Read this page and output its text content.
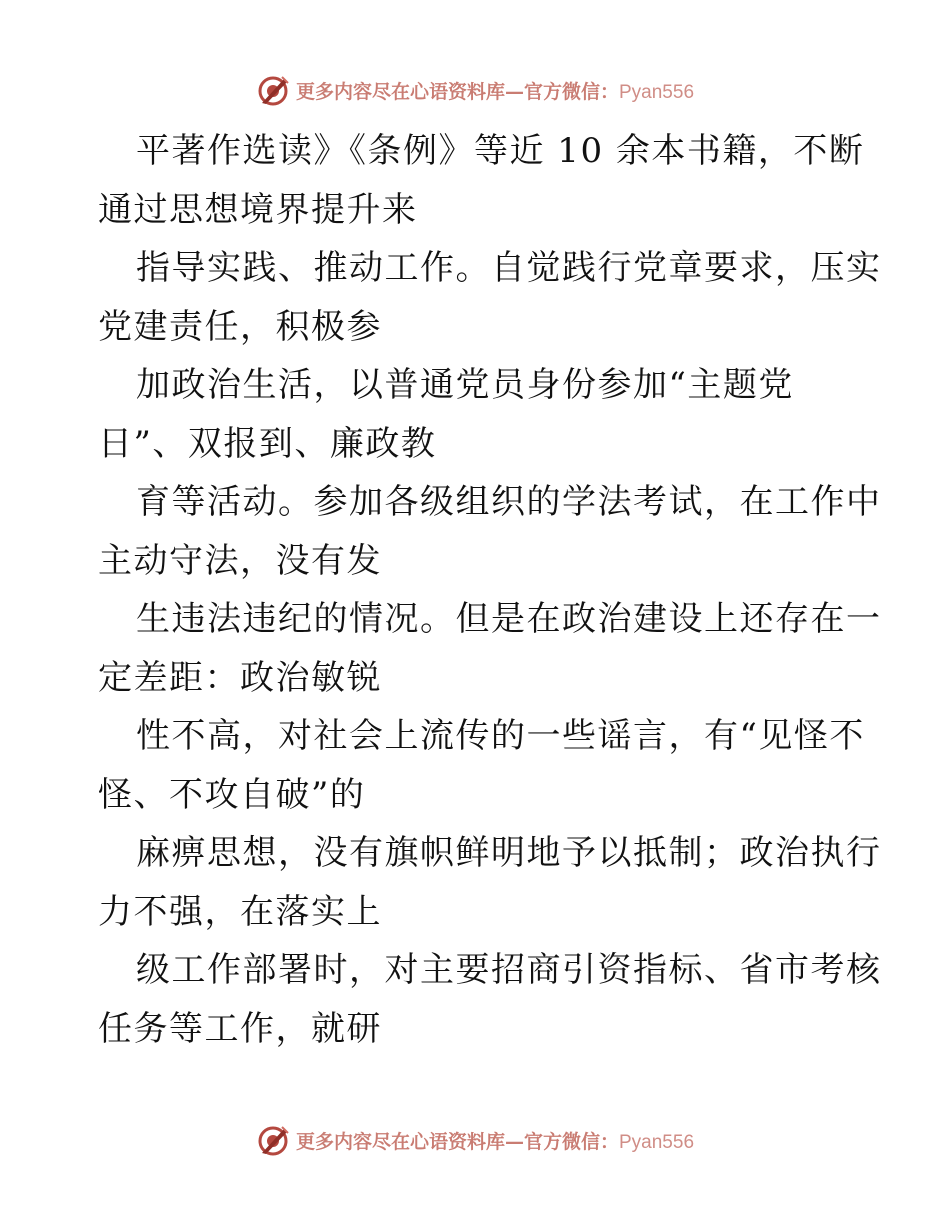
更多内容尽在心语资料库—官方微信：Pyan556
平著作选读》《条例》等近 10 余本书籍，不断
通过思想境界提升来
指导实践、推动工作。自觉践行党章要求，压实
党建责任，积极参
加政治生活，以普通党员身份参加“主题党
日”、双报到、廉政教
育等活动。参加各级组织的学法考试，在工作中
主动守法，没有发
生违法违纪的情况。但是在政治建设上还存在一
定差距：政治敏锐
性不高，对社会上流传的一些谣言，有“见怪不
怪、不攻自破”的
麻痹思想，没有旗帜鲜明地予以抵制；政治执行
力不强，在落实上
级工作部署时，对主要招商引资指标、省市考核
任务等工作，就研
更多内容尽在心语资料库—官方微信：Pyan556
